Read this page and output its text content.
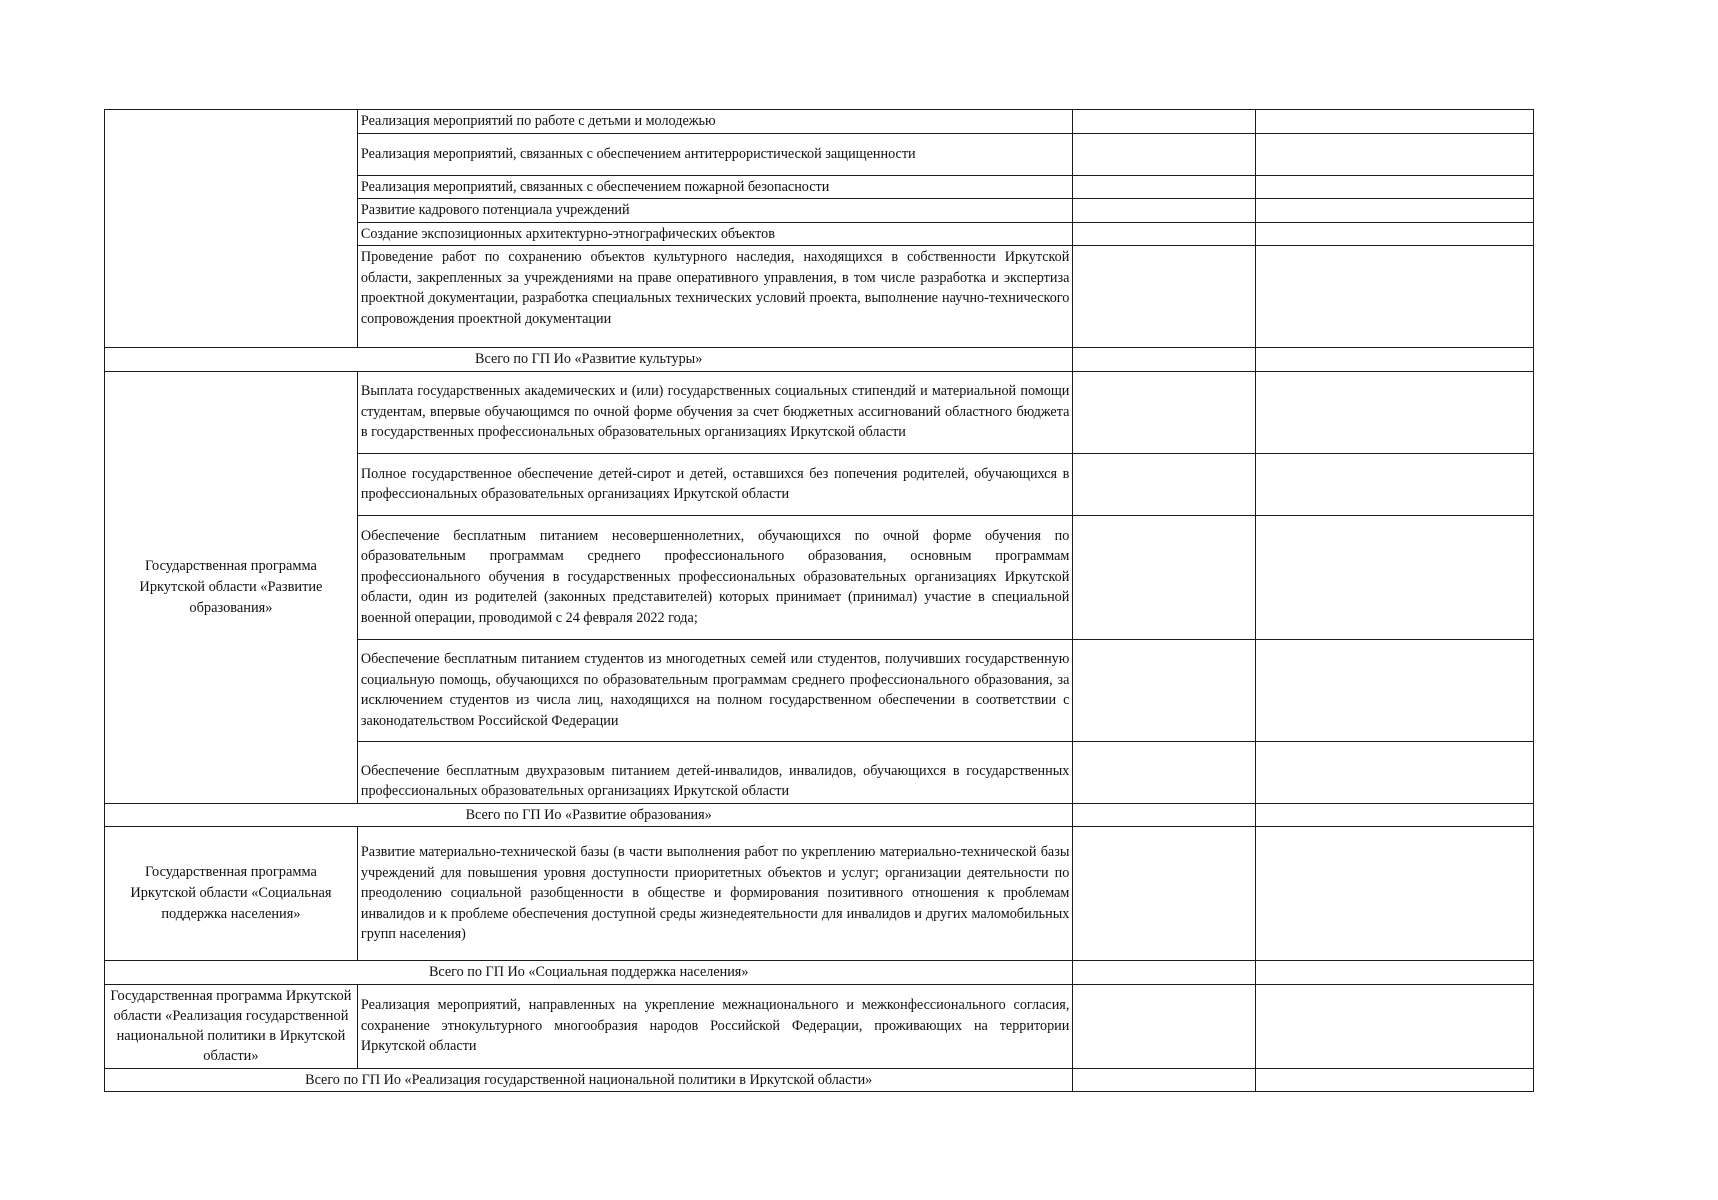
	Реализация мероприятий по работе с детьми и молодежью		
	Реализация мероприятий, связанных с обеспечением антитеррористической защищенности		
	Реализация мероприятий, связанных с обеспечением пожарной безопасности		
	Развитие кадрового потенциала учреждений		
	Создание экспозиционных архитектурно-этнографических объектов		
	Проведение работ по сохранению объектов культурного наследия, находящихся в собственности Иркутской области, закрепленных за учреждениями на праве оперативного управления, в том числе разработка и экспертиза проектной документации, разработка специальных технических условий проекта, выполнение научно-технического сопровождения проектной документации		
Всего по ГП Ио «Развитие культуры»			
Государственная программа Иркутской области «Развитие образования»	Выплата государственных академических и (или) государственных социальных стипендий и материальной помощи студентам, впервые обучающимся по очной форме обучения за счет бюджетных ассигнований областного бюджета в государственных профессиональных образовательных организациях Иркутской области		
	Полное государственное обеспечение детей-сирот и детей, оставшихся без попечения родителей, обучающихся в профессиональных образовательных организациях Иркутской области		
	Обеспечение бесплатным питанием несовершеннолетних, обучающихся по очной форме обучения по образовательным программам среднего профессионального образования, основным программам профессионального обучения в государственных профессиональных образовательных организациях Иркутской области, один из родителей (законных представителей) которых принимает (принимал) участие в специальной военной операции, проводимой с 24 февраля 2022 года;		
	Обеспечение бесплатным питанием студентов из многодетных семей или студентов, получивших государственную социальную помощь, обучающихся по образовательным программам среднего профессионального образования, за исключением студентов из числа лиц, находящихся на полном государственном обеспечении в соответствии с законодательством Российской Федерации		
	Обеспечение бесплатным двухразовым питанием детей-инвалидов, инвалидов, обучающихся в государственных профессиональных образовательных организациях Иркутской области		
Всего по ГП Ио «Развитие образования»			
Государственная программа Иркутской области «Социальная поддержка населения»	Развитие материально-технической базы (в части выполнения работ по укреплению материально-технической базы учреждений для повышения уровня доступности приоритетных объектов и услуг; организации деятельности по преодолению социальной разобщенности в обществе и формирования позитивного отношения к проблемам инвалидов и к проблеме обеспечения доступной среды жизнедеятельности для инвалидов и других маломобильных групп населения)		
Всего по ГП Ио «Социальная поддержка населения»			
Государственная программа Иркутской области «Реализация государственной национальной политики в Иркутской области»	Реализация мероприятий, направленных на укрепление межнационального и межконфессионального согласия, сохранение этнокультурного многообразия народов Российской Федерации, проживающих на территории Иркутской области		
Всего по ГП Ио «Реализация государственной национальной политики в Иркутской области»			
